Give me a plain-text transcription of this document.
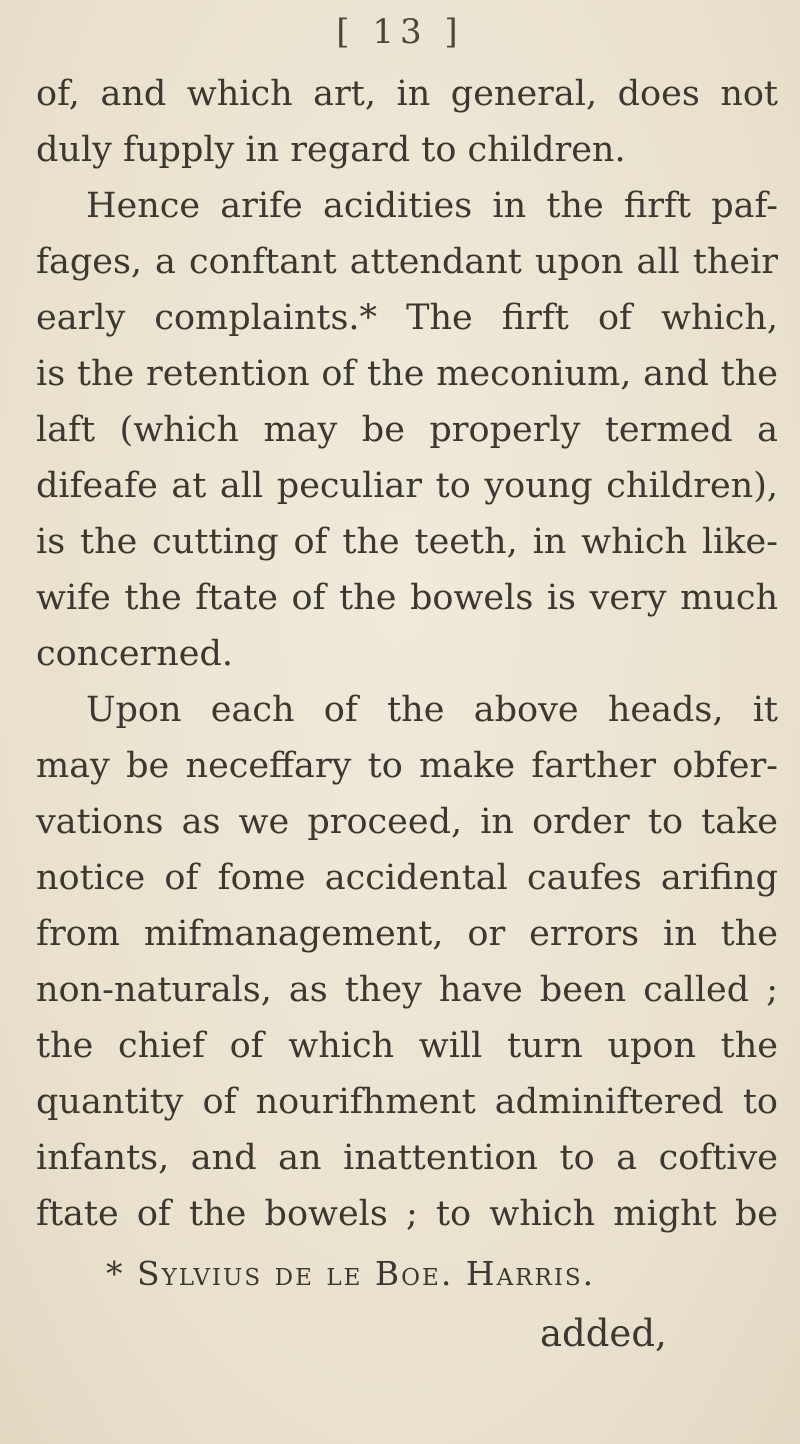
[ 13 ]
of, and which art, in general, does not
duly fupply in regard to children.
Hence arife acidities in the firft paf-
fages, a conftant attendant upon all their
early complaints.* The firft of which,
is the retention of the meconium, and the
laft (which may be properly termed a
difeafe at all peculiar to young children),
is the cutting of the teeth, in which like-
wife the ftate of the bowels is very much
concerned.
Upon each of the above heads, it
may be neceffary to make farther obfer-
vations as we proceed, in order to take
notice of fome accidental caufes arifing
from mifmanagement, or errors in the
non-naturals, as they have been called ;
the chief of which will turn upon the
quantity of nourifhment adminiftered to
infants, and an inattention to a coftive
ftate of the bowels ; to which might be
* Sylvius de le Boe. Harris.
added,
